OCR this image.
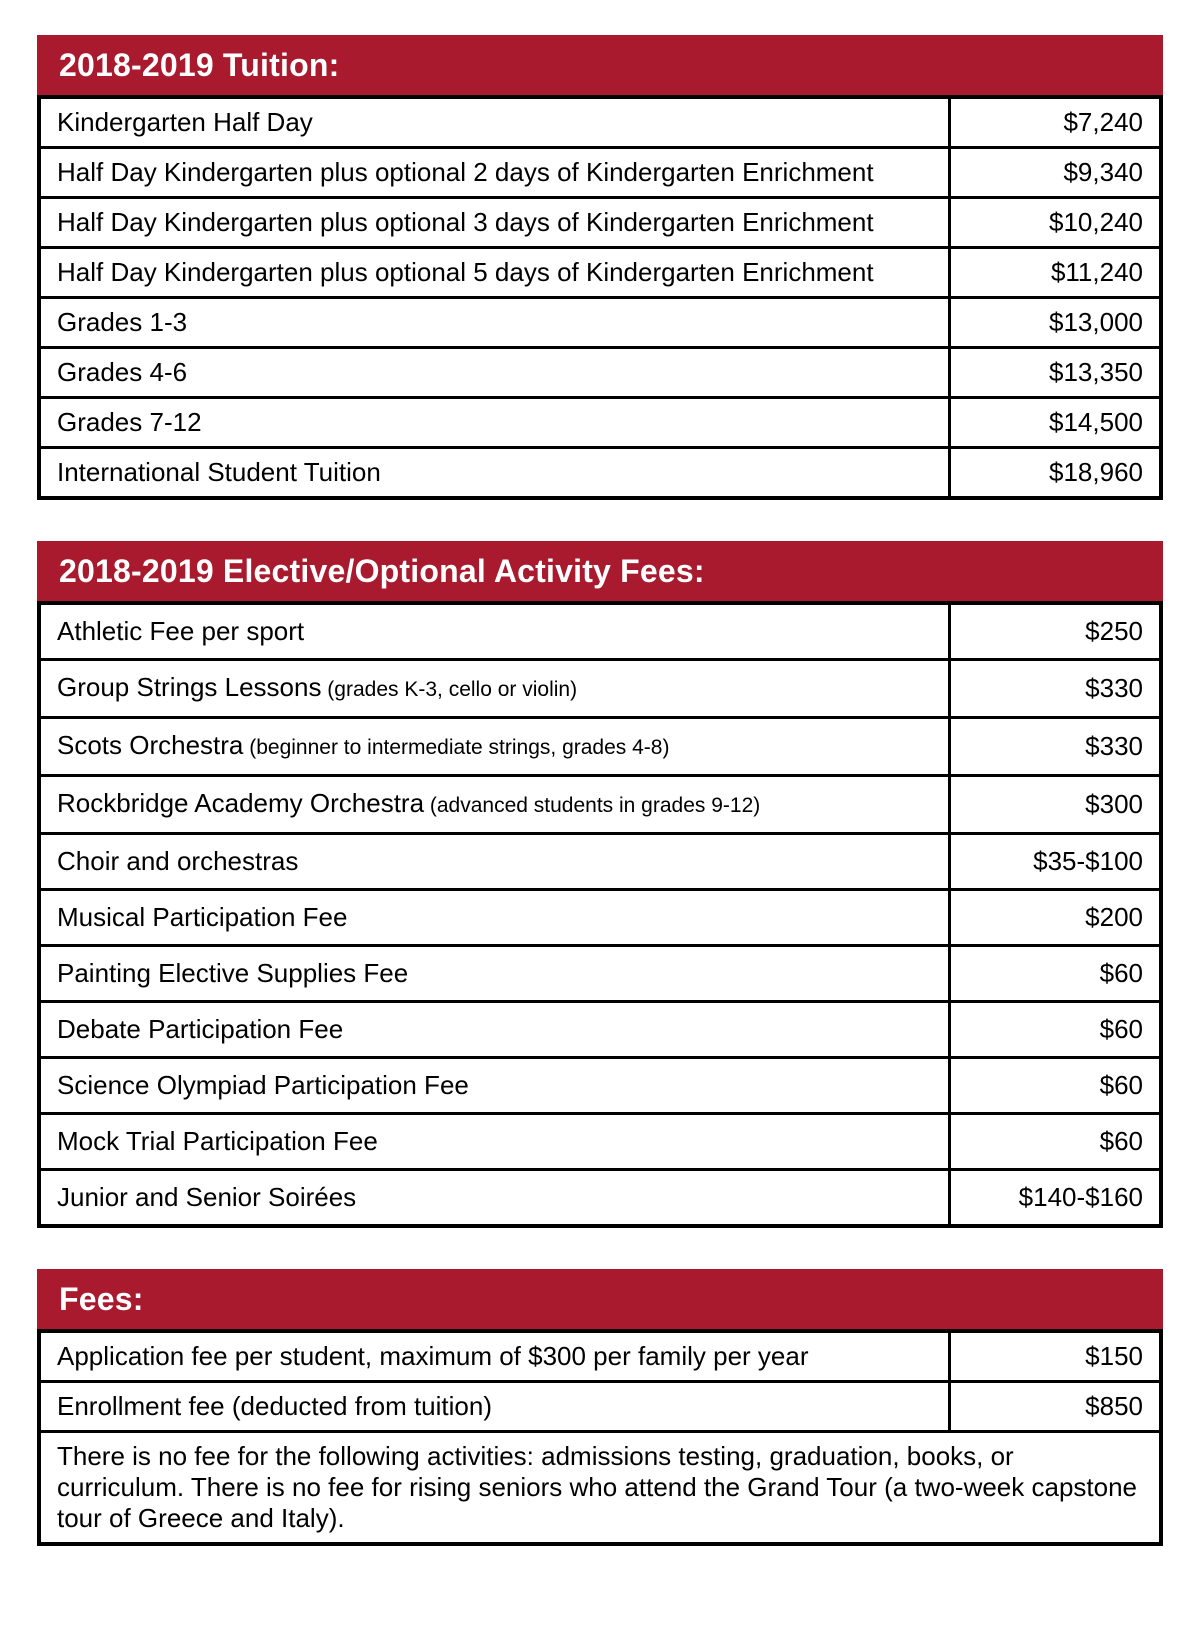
2018-2019 Tuition:
Kindergarten Half Day	$7,240
Half Day Kindergarten plus optional 2 days of Kindergarten Enrichment	$9,340
Half Day Kindergarten plus optional 3 days of Kindergarten Enrichment	$10,240
Half Day Kindergarten plus optional 5 days of Kindergarten Enrichment	$11,240
Grades 1-3	$13,000
Grades 4-6	$13,350
Grades 7-12	$14,500
International Student Tuition	$18,960
2018-2019 Elective/Optional Activity Fees:
Athletic Fee per sport	$250
Group Strings Lessons (grades K-3, cello or violin)	$330
Scots Orchestra (beginner to intermediate strings, grades 4-8)	$330
Rockbridge Academy Orchestra (advanced students in grades 9-12)	$300
Choir and orchestras	$35-$100
Musical Participation Fee	$200
Painting Elective Supplies Fee	$60
Debate Participation Fee	$60
Science Olympiad Participation Fee	$60
Mock Trial Participation Fee	$60
Junior and Senior Soirées	$140-$160
Fees:
Application fee per student, maximum of $300 per family per year	$150
Enrollment fee (deducted from tuition)	$850
There is no fee for the following activities: admissions testing, graduation, books, or curriculum. There is no fee for rising seniors who attend the Grand Tour (a two-week capstone tour of Greece and Italy).	
